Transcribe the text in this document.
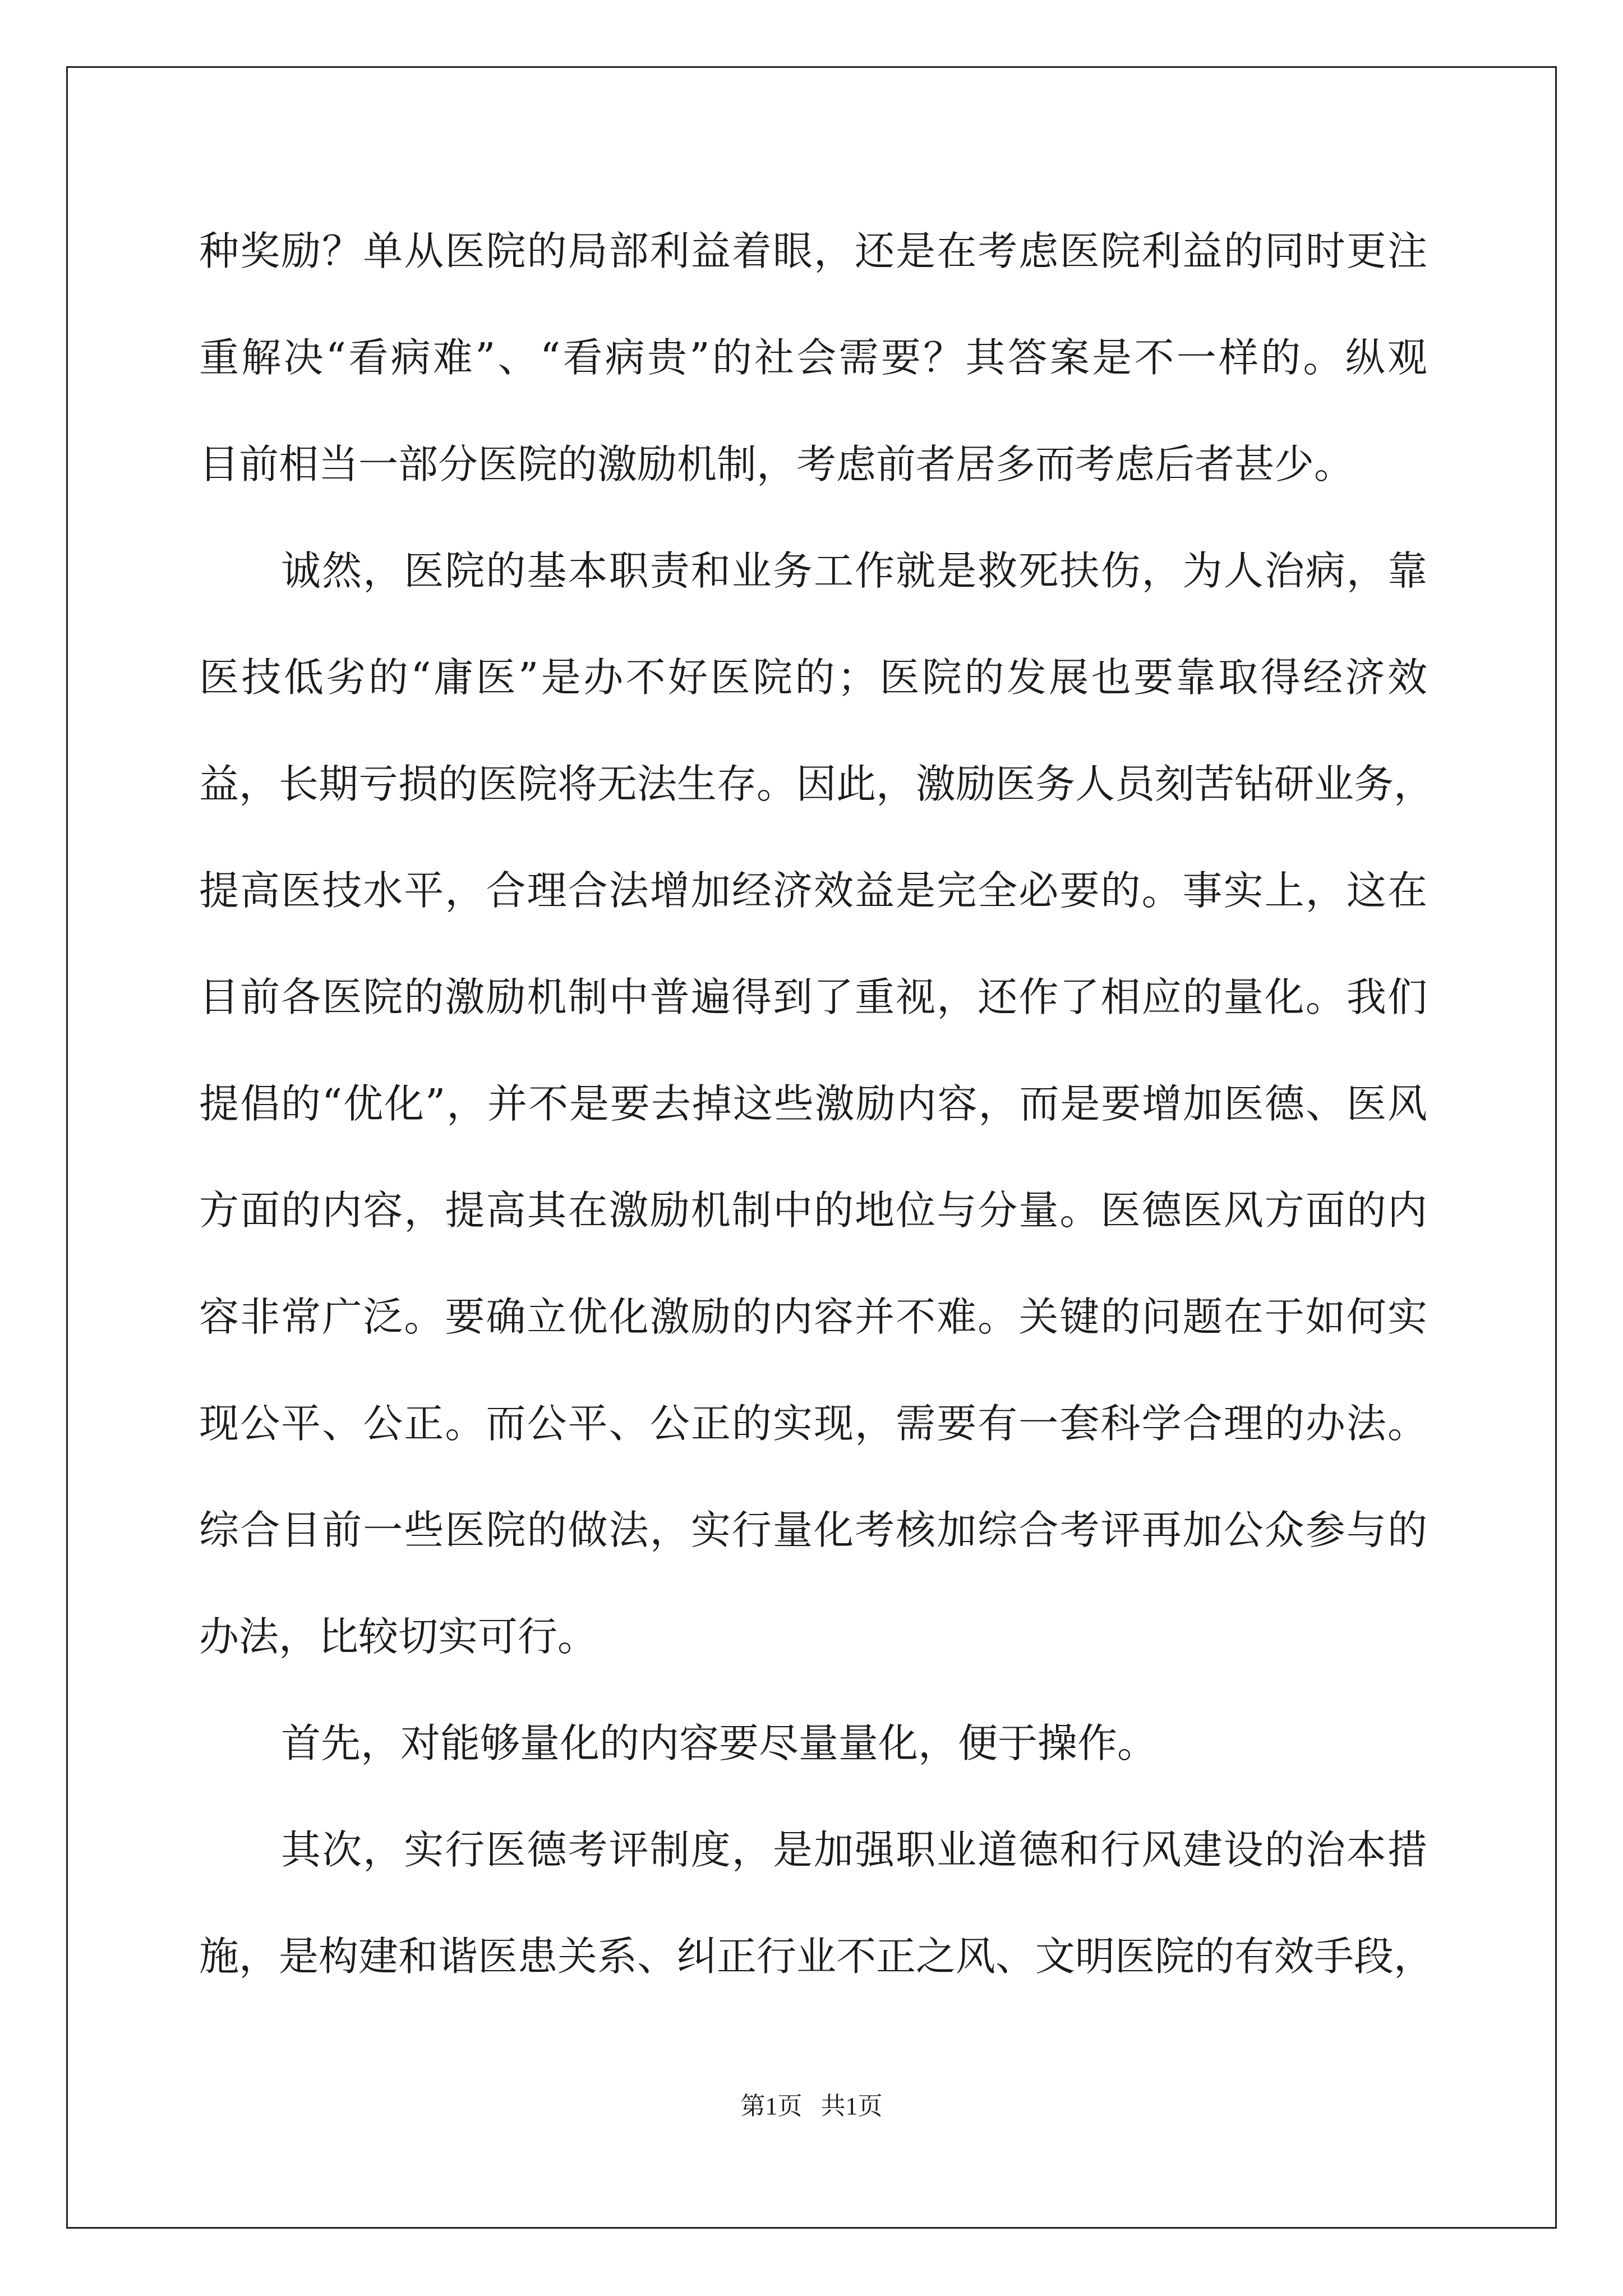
种奖励？单从医院的局部利益着眼，还是在考虑医院利益的同时更注
重解决“看病难”、“看病贵”的社会需要？其答案是不一样的。纵观
目前相当一部分医院的激励机制，考虑前者居多而考虑后者甚少。
诚然，医院的基本职责和业务工作就是救死扶伤，为人治病，靠
医技低劣的“庸医”是办不好医院的；医院的发展也要靠取得经济效
益，长期亏损的医院将无法生存。因此，激励医务人员刻苦钻研业务，
提高医技水平，合理合法增加经济效益是完全必要的。事实上，这在
目前各医院的激励机制中普遍得到了重视，还作了相应的量化。我们
提倡的“优化”，并不是要去掉这些激励内容，而是要增加医德、医风
方面的内容，提高其在激励机制中的地位与分量。医德医风方面的内
容非常广泛。要确立优化激励的内容并不难。关键的问题在于如何实
现公平、公正。而公平、公正的实现，需要有一套科学合理的办法。
综合目前一些医院的做法，实行量化考核加综合考评再加公众参与的
办法，比较切实可行。
首先，对能够量化的内容要尽量量化，便于操作。
其次，实行医德考评制度，是加强职业道德和行风建设的治本措
施，是构建和谐医患关系、纠正行业不正之风、文明医院的有效手段，
第1页   共1页
